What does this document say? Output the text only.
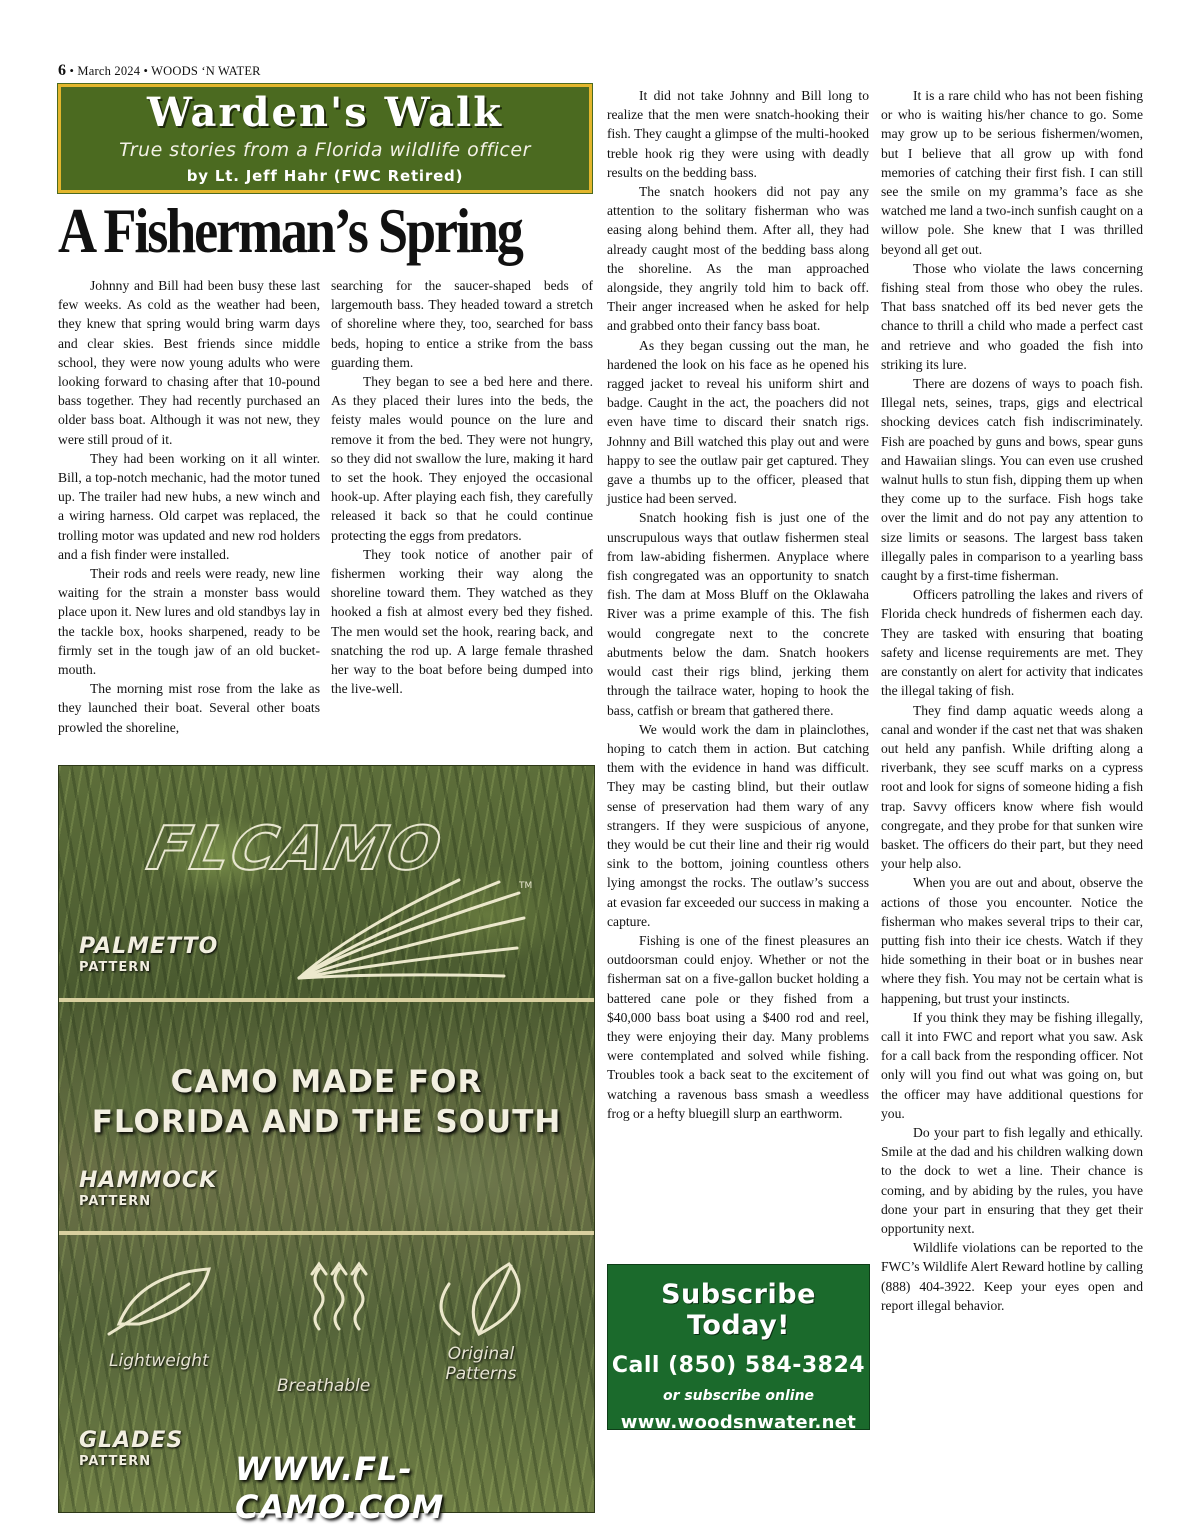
6 • March 2024 • WOODS ‘N WATER
Warden's Walk
True stories from a Florida wildlife officer
by Lt. Jeff Hahr (FWC Retired)
A Fisherman’s Spring

Johnny and Bill had been busy these last few weeks. As cold as the weather had been, they knew that spring would bring warm days and clear skies. Best friends since middle school, they were now young adults who were looking forward to chasing after that 10-pound bass together. They had recently purchased an older bass boat. Although it was not new, they were still proud of it.

They had been working on it all winter. Bill, a top-notch mechanic, had the motor tuned up. The trailer had new hubs, a new winch and a wiring harness. Old carpet was replaced, the trolling motor was updated and new rod holders and a fish finder were installed.

Their rods and reels were ready, new line waiting for the strain a monster bass would place upon it. New lures and old standbys lay in the tackle box, hooks sharpened, ready to be firmly set in the tough jaw of an old bucket-mouth.

The morning mist rose from the lake as they launched their boat. Several other boats prowled the shoreline,

searching for the saucer-shaped beds of largemouth bass. They headed toward a stretch of shoreline where they, too, searched for bass beds, hoping to entice a strike from the bass guarding them.

They began to see a bed here and there. As they placed their lures into the beds, the feisty males would pounce on the lure and remove it from the bed. They were not hungry, so they did not swallow the lure, making it hard to set the hook. They enjoyed the occasional hook-up. After playing each fish, they carefully released it back so that he could continue protecting the eggs from predators.

They took notice of another pair of fishermen working their way along the shoreline toward them. They watched as they hooked a fish at almost every bed they fished. The men would set the hook, rearing back, and snatching the rod up. A large female thrashed her way to the boat before being dumped into the live-well.

It did not take Johnny and Bill long to realize that the men were snatch-hooking their fish. They caught a glimpse of the multi-hooked treble hook rig they were using with deadly results on the bedding bass.

The snatch hookers did not pay any attention to the solitary fisherman who was easing along behind them. After all, they had already caught most of the bedding bass along the shoreline. As the man approached alongside, they angrily told him to back off. Their anger increased when he asked for help and grabbed onto their fancy bass boat.

As they began cussing out the man, he hardened the look on his face as he opened his ragged jacket to reveal his uniform shirt and badge. Caught in the act, the poachers did not even have time to discard their snatch rigs. Johnny and Bill watched this play out and were happy to see the outlaw pair get captured. They gave a thumbs up to the officer, pleased that justice had been served.

Snatch hooking fish is just one of the unscrupulous ways that outlaw fishermen steal from law-abiding fishermen. Anyplace where fish congregated was an opportunity to snatch fish. The dam at Moss Bluff on the Oklawaha River was a prime example of this. The fish would congregate next to the concrete abutments below the dam. Snatch hookers would cast their rigs blind, jerking them through the tailrace water, hoping to hook the bass, catfish or bream that gathered there.

We would work the dam in plainclothes, hoping to catch them in action. But catching them with the evidence in hand was difficult. They may be casting blind, but their outlaw sense of preservation had them wary of any strangers. If they were suspicious of anyone, they would be cut their line and their rig would sink to the bottom, joining countless others lying amongst the rocks. The outlaw’s success at evasion far exceeded our success in making a capture.

Fishing is one of the finest pleasures an outdoorsman could enjoy. Whether or not the fisherman sat on a five-gallon bucket holding a battered cane pole or they fished from a $40,000 bass boat using a $400 rod and reel, they were enjoying their day. Many problems were contemplated and solved while fishing. Troubles took a back seat to the excitement of watching a ravenous bass smash a weedless frog or a hefty bluegill slurp an earthworm.

It is a rare child who has not been fishing or who is waiting his/her chance to go. Some may grow up to be serious fishermen/women, but I believe that all grow up with fond memories of catching their first fish. I can still see the smile on my gramma’s face as she watched me land a two-inch sunfish caught on a willow pole. She knew that I was thrilled beyond all get out.

Those who violate the laws concerning fishing steal from those who obey the rules. That bass snatched off its bed never gets the chance to thrill a child who made a perfect cast and retrieve and who goaded the fish into striking its lure.

There are dozens of ways to poach fish. Illegal nets, seines, traps, gigs and electrical shocking devices catch fish indiscriminately. Fish are poached by guns and bows, spear guns and Hawaiian slings. You can even use crushed walnut hulls to stun fish, dipping them up when they come up to the surface. Fish hogs take over the limit and do not pay any attention to size limits or seasons. The largest bass taken illegally pales in comparison to a yearling bass caught by a first-time fisherman.

Officers patrolling the lakes and rivers of Florida check hundreds of fishermen each day. They are tasked with ensuring that boating safety and license requirements are met. They are constantly on alert for activity that indicates the illegal taking of fish.

They find damp aquatic weeds along a canal and wonder if the cast net that was shaken out held any panfish. While drifting along a riverbank, they see scuff marks on a cypress root and look for signs of someone hiding a fish trap. Savvy officers know where fish would congregate, and they probe for that sunken wire basket. The officers do their part, but they need your help also.

When you are out and about, observe the actions of those you encounter. Notice the fisherman who makes several trips to their car, putting fish into their ice chests. Watch if they hide something in their boat or in bushes near where they fish. You may not be certain what is happening, but trust your instincts.

If you think they may be fishing illegally, call it into FWC and report what you saw. Ask for a call back from the responding officer. Not only will you find out what was going on, but the officer may have additional questions for you.

Do your part to fish legally and ethically. Smile at the dad and his children walking down to the dock to wet a line. Their chance is coming, and by abiding by the rules, you have done your part in ensuring that they get their opportunity next.

Wildlife violations can be reported to the FWC’s Wildlife Alert Reward hotline by calling (888) 404-3922. Keep your eyes open and report illegal behavior.

FLCAMO
TM
PALMETTO
PATTERN
CAMO MADE FOR
FLORIDA AND THE SOUTH
HAMMOCK
PATTERN
Lightweight
Breathable
Original Patterns
GLADES
PATTERN	WWW.FL-CAMO.COM
Subscribe Today!
Call (850) 584-3824
or subscribe online
www.woodsnwater.net
